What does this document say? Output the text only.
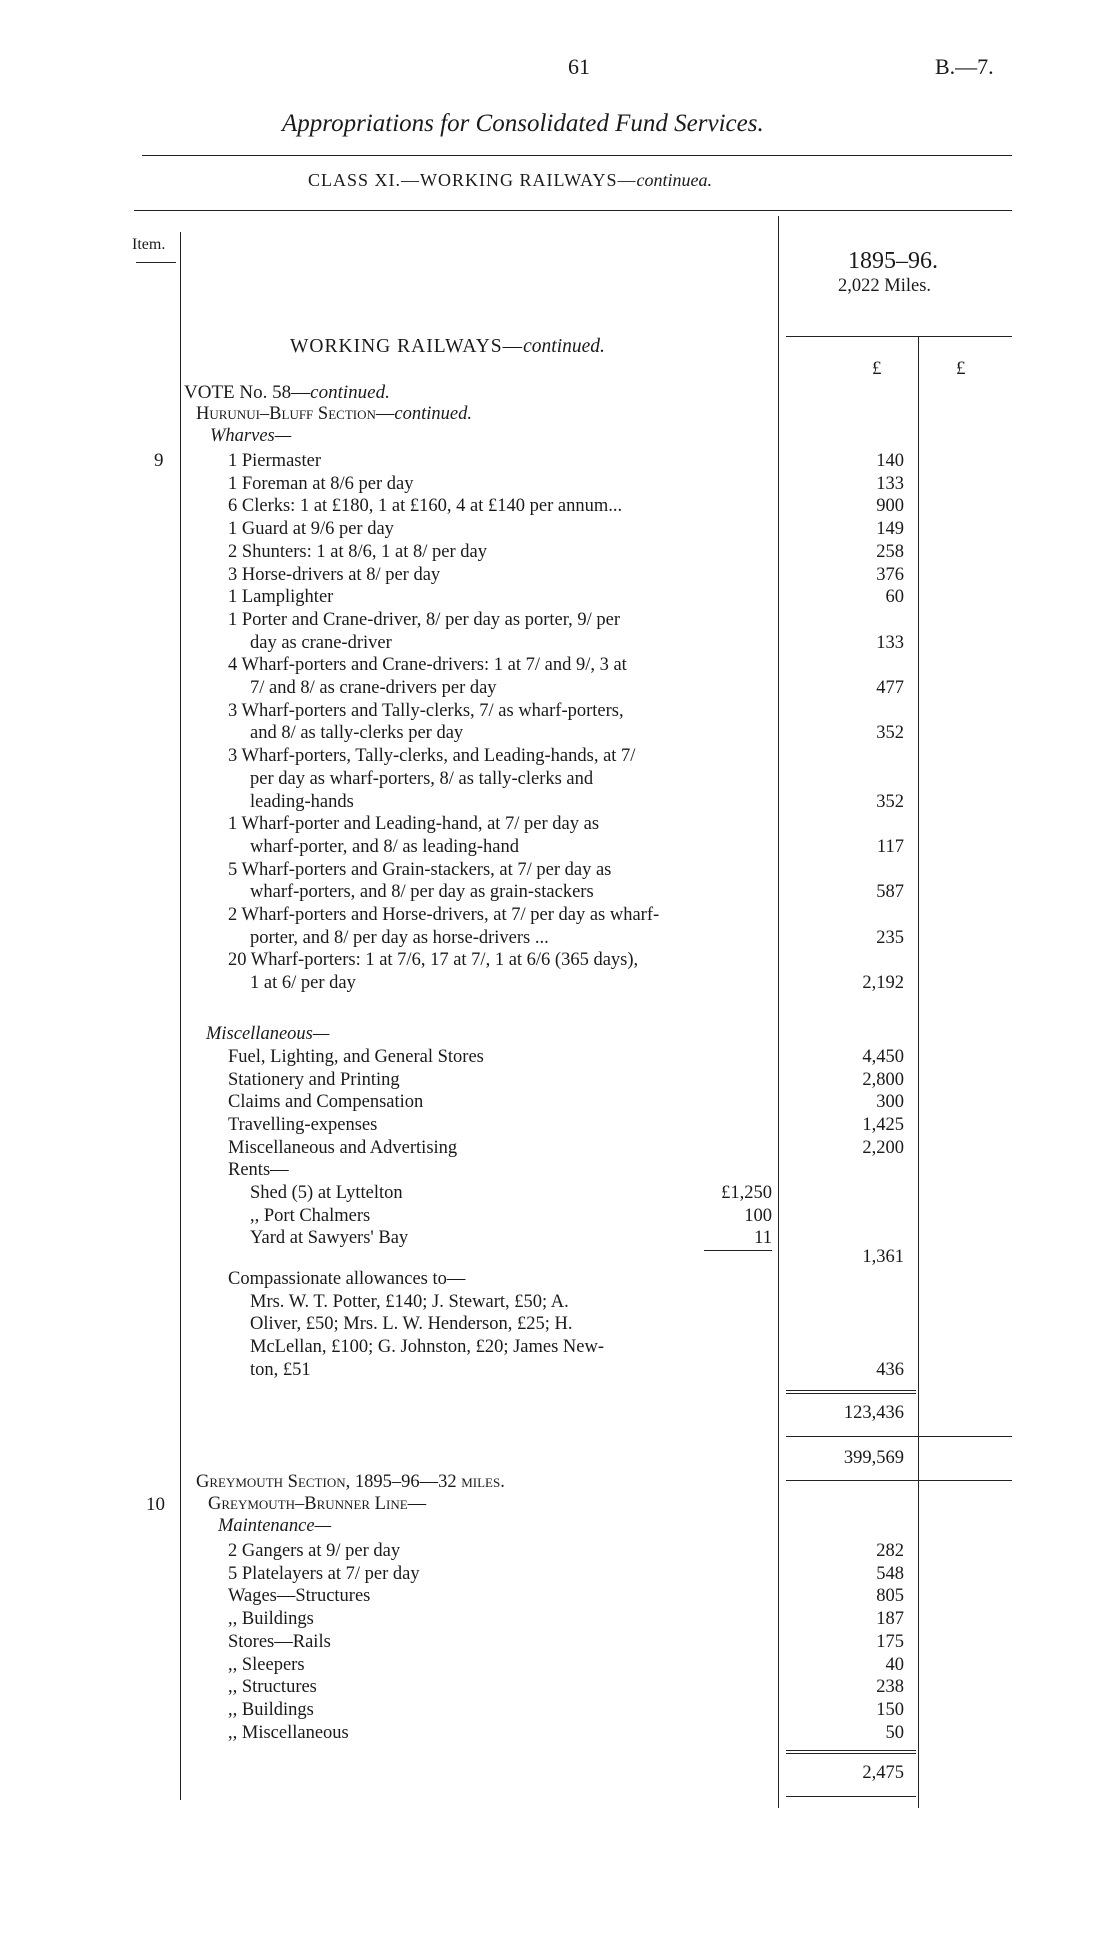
61	B.—7.
Appropriations for Consolidated Fund Services.
CLASS XI.—WORKING RAILWAYS—continuea.
Item.
1895–96.
2,022 Miles.
£	£
WORKING RAILWAYS—continued.
VOTE No. 58—continued.
Hurunui–Bluff Section—continued.
Wharves—
9	1 Piermaster	140
1 Foreman at 8/6 per day	133
6 Clerks: 1 at £180, 1 at £160, 4 at £140 per annum...	900
1 Guard at 9/6 per day	149
2 Shunters: 1 at 8/6, 1 at 8/ per day	258
3 Horse-drivers at 8/ per day	376
1 Lamplighter	60
1 Porter and Crane-driver, 8/ per day as porter, 9/ per
day as crane-driver	133
4 Wharf-porters and Crane-drivers: 1 at 7/ and 9/, 3 at
7/ and 8/ as crane-drivers per day	477
3 Wharf-porters and Tally-clerks, 7/ as wharf-porters,
and 8/ as tally-clerks per day	352
3 Wharf-porters, Tally-clerks, and Leading-hands, at 7/
per day as wharf-porters, 8/ as tally-clerks and
leading-hands	352
1 Wharf-porter and Leading-hand, at 7/ per day as
wharf-porter, and 8/ as leading-hand	117
5 Wharf-porters and Grain-stackers, at 7/ per day as
wharf-porters, and 8/ per day as grain-stackers	587
2 Wharf-porters and Horse-drivers, at 7/ per day as wharf-
porter, and 8/ per day as horse-drivers ...	235
20 Wharf-porters: 1 at 7/6, 17 at 7/, 1 at 6/6 (365 days),
1 at 6/ per day	2,192
Miscellaneous—
Fuel, Lighting, and General Stores	4,450
Stationery and Printing	2,800
Claims and Compensation	300
Travelling-expenses	1,425
Miscellaneous and Advertising	2,200
Rents—
Shed (5) at Lyttelton	£1,250
,, Port Chalmers	100
Yard at Sawyers' Bay	11
1,361
Compassionate allowances to—
Mrs. W. T. Potter, £140; J. Stewart, £50; A.
Oliver, £50; Mrs. L. W. Henderson, £25; H.
McLellan, £100; G. Johnston, £20; James New-
ton, £51	436
123,436
399,569
Greymouth Section, 1895–96—32 miles.
10 Greymouth–Brunner Line—
Maintenance—
2 Gangers at 9/ per day	282
5 Platelayers at 7/ per day	548
Wages—Structures	805
,, Buildings	187
Stores—Rails	175
,, Sleepers	40
,, Structures	238
,, Buildings	150
,, Miscellaneous	50
2,475
